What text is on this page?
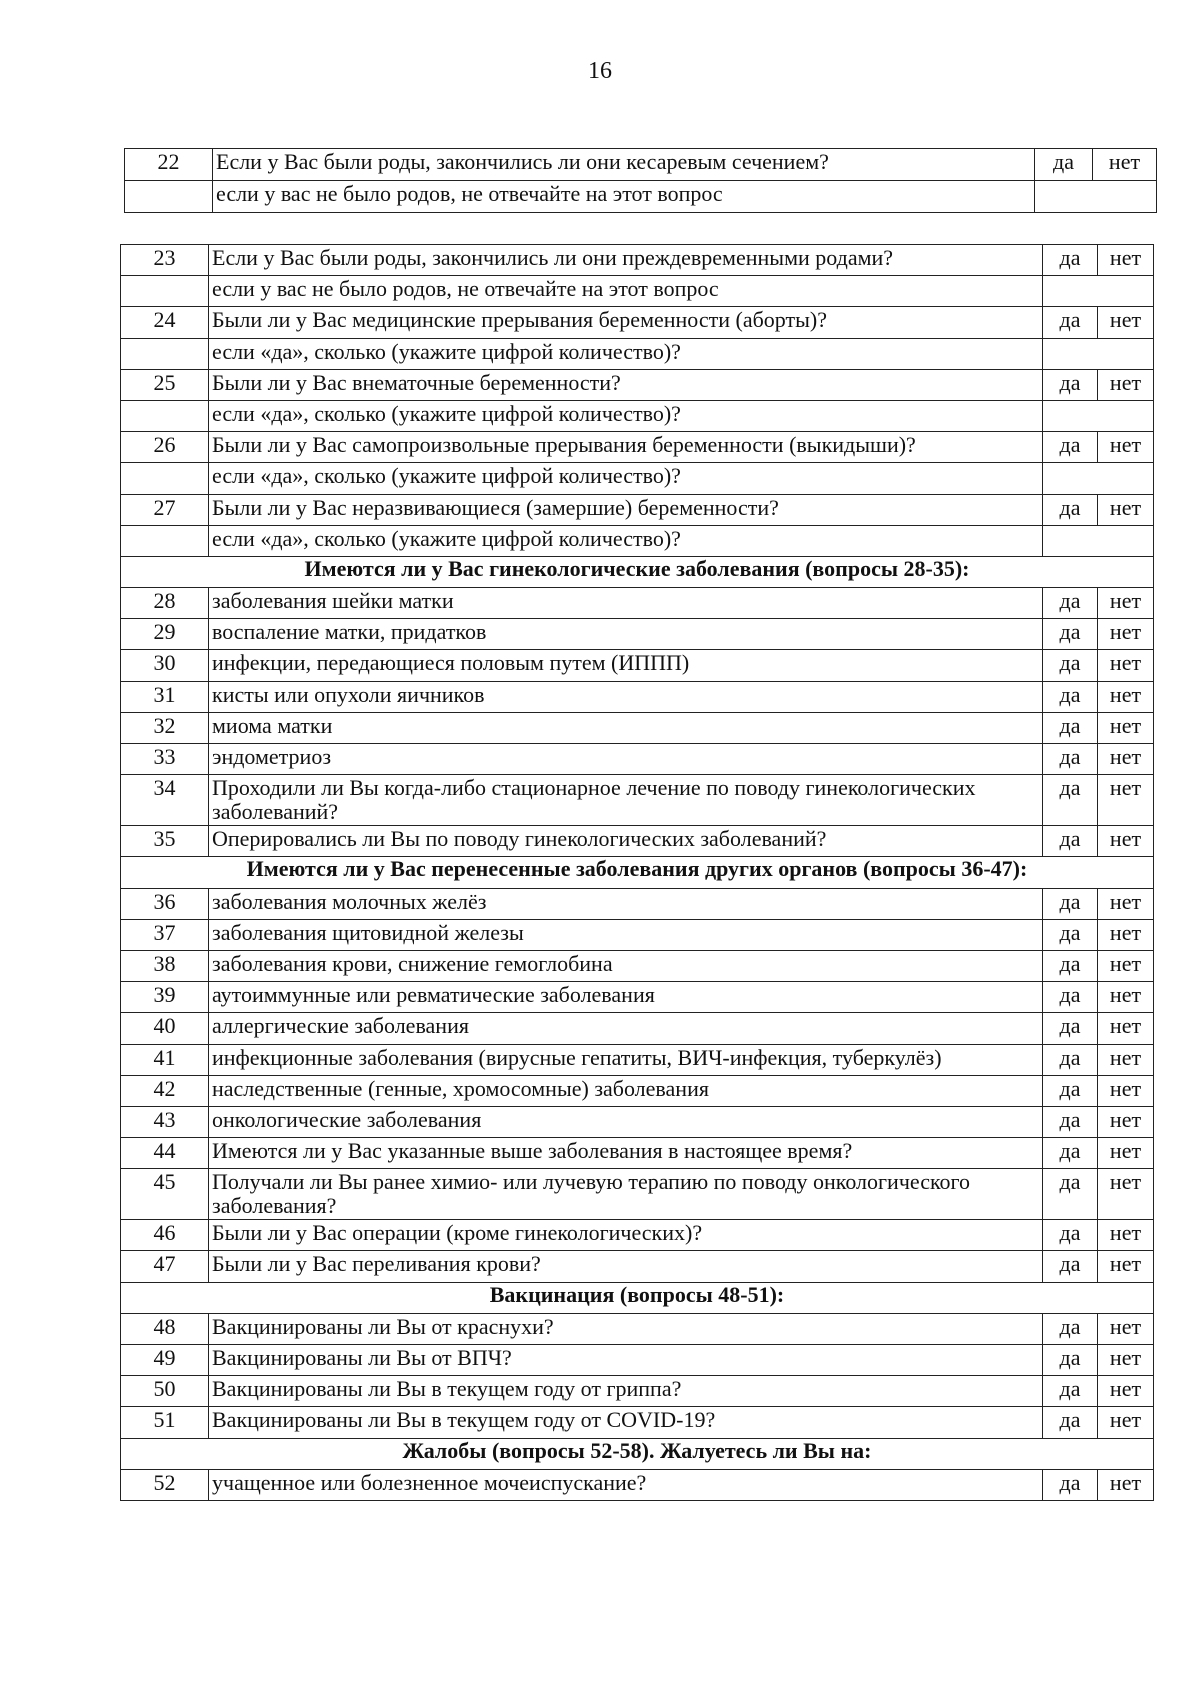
16
22	Если у Вас были роды, закончились ли они кесаревым сечением?	да	нет
	если у вас не было родов, не отвечайте на этот вопрос		
23	Если у Вас были роды, закончились ли они преждевременными родами?	да	нет
	если у вас не было родов, не отвечайте на этот вопрос		
24	Были ли у Вас медицинские прерывания беременности (аборты)?	да	нет
	если «да», сколько (укажите цифрой количество)?		
25	Были ли у Вас внематочные беременности?	да	нет
	если «да», сколько (укажите цифрой количество)?		
26	Были ли у Вас самопроизвольные прерывания беременности (выкидыши)?	да	нет
	если «да», сколько (укажите цифрой количество)?		
27	Были ли у Вас неразвивающиеся (замершие) беременности?	да	нет
	если «да», сколько (укажите цифрой количество)?		
Имеются ли у Вас гинекологические заболевания (вопросы 28-35):			
28	заболевания шейки матки	да	нет
29	воспаление матки, придатков	да	нет
30	инфекции, передающиеся половым путем (ИППП)	да	нет
31	кисты или опухоли яичников	да	нет
32	миома матки	да	нет
33	эндометриоз	да	нет
34	Проходили ли Вы когда-либо стационарное лечение по поводу гинекологических заболеваний?	да	нет
35	Оперировались ли Вы по поводу гинекологических заболеваний?	да	нет
Имеются ли у Вас перенесенные заболевания других органов (вопросы 36-47):			
36	заболевания молочных желёз	да	нет
37	заболевания щитовидной железы	да	нет
38	заболевания крови, снижение гемоглобина	да	нет
39	аутоиммунные или ревматические заболевания	да	нет
40	аллергические заболевания	да	нет
41	инфекционные заболевания (вирусные гепатиты, ВИЧ-инфекция, туберкулёз)	да	нет
42	наследственные (генные, хромосомные) заболевания	да	нет
43	онкологические заболевания	да	нет
44	Имеются ли у Вас указанные выше заболевания в настоящее время?	да	нет
45	Получали ли Вы ранее химио- или лучевую терапию по поводу онкологического заболевания?	да	нет
46	Были ли у Вас операции (кроме гинекологических)?	да	нет
47	Были ли у Вас переливания крови?	да	нет
Вакцинация (вопросы 48-51):			
48	Вакцинированы ли Вы от краснухи?	да	нет
49	Вакцинированы ли Вы от ВПЧ?	да	нет
50	Вакцинированы ли Вы в текущем году от гриппа?	да	нет
51	Вакцинированы ли Вы в текущем году от COVID-19?	да	нет
Жалобы (вопросы 52-58). Жалуетесь ли Вы на:			
52	учащенное или болезненное мочеиспускание?	да	нет
